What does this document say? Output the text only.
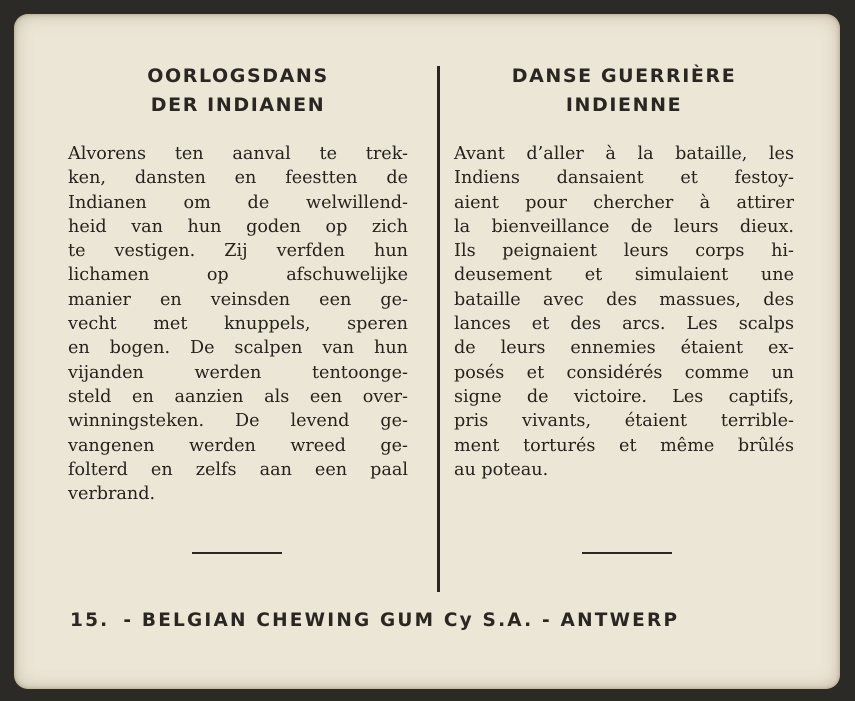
OORLOGSDANS
DER INDIANEN
Alvorens ten aanval te trek-
ken, dansten en feestten de
Indianen om de welwillend-
heid van hun goden op zich
te vestigen. Zij verfden hun
lichamen op afschuwelijke
manier en veinsden een ge-
vecht met knuppels, speren
en bogen. De scalpen van hun
vijanden werden tentoonge-
steld en aanzien als een over-
winningsteken. De levend ge-
vangenen werden wreed ge-
folterd en zelfs aan een paal
verbrand.
DANSE GUERRIÈRE
INDIENNE
Avant d’aller à la bataille, les
Indiens dansaient et festoy-
aient pour chercher à attirer
la bienveillance de leurs dieux.
Ils peignaient leurs corps hi-
deusement et simulaient une
bataille avec des massues, des
lances et des arcs. Les scalps
de leurs ennemies étaient ex-
posés et considérés comme un
signe de victoire. Les captifs,
pris vivants, étaient terrible-
ment torturés et même brûlés
au poteau.
15. - BELGIAN CHEWING GUM Cy S.A. - ANTWERP
